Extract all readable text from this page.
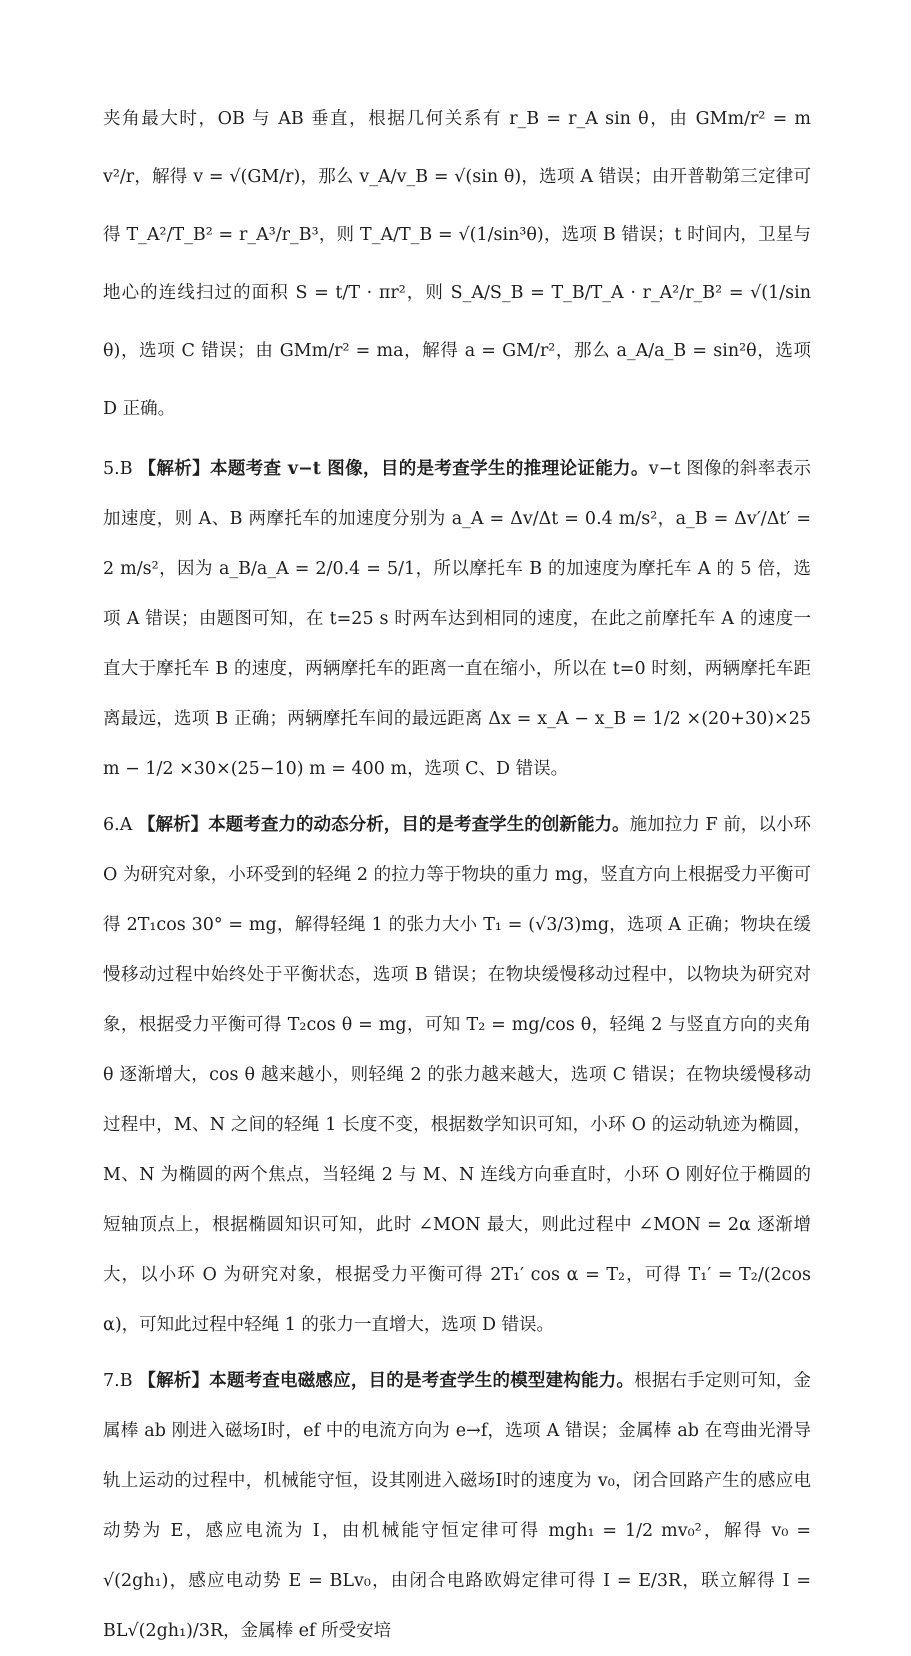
夹角最大时，OB 与 AB 垂直，根据几何关系有 r_B = r_A sin θ，由 GMm/r² = m v²/r，解得 v = √(GM/r)，那么 v_A/v_B = √(sin θ)，选项 A 错误；由开普勒第三定律可得 T_A²/T_B² = r_A³/r_B³，则 T_A/T_B = √(1/sin³θ)，选项 B 错误；t 时间内，卫星与地心的连线扫过的面积 S = t/T · πr²，则 S_A/S_B = T_B/T_A · r_A²/r_B² = √(1/sin θ)，选项 C 错误；由 GMm/r² = ma，解得 a = GM/r²，那么 a_A/a_B = sin²θ，选项 D 正确。

5.B 【解析】本题考查 v−t 图像，目的是考查学生的推理论证能力。v−t 图像的斜率表示加速度，则 A、B 两摩托车的加速度分别为 a_A = Δv/Δt = 0.4 m/s²，a_B = Δv′/Δt′ = 2 m/s²，因为 a_B/a_A = 2/0.4 = 5/1，所以摩托车 B 的加速度为摩托车 A 的 5 倍，选项 A 错误；由题图可知，在 t=25 s 时两车达到相同的速度，在此之前摩托车 A 的速度一直大于摩托车 B 的速度，两辆摩托车的距离一直在缩小，所以在 t=0 时刻，两辆摩托车距离最远，选项 B 正确；两辆摩托车间的最远距离 Δx = x_A − x_B = 1/2 ×(20+30)×25 m − 1/2 ×30×(25−10) m = 400 m，选项 C、D 错误。

6.A 【解析】本题考查力的动态分析，目的是考查学生的创新能力。施加拉力 F 前，以小环 O 为研究对象，小环受到的轻绳 2 的拉力等于物块的重力 mg，竖直方向上根据受力平衡可得 2T₁cos 30° = mg，解得轻绳 1 的张力大小 T₁ = (√3/3)mg，选项 A 正确；物块在缓慢移动过程中始终处于平衡状态，选项 B 错误；在物块缓慢移动过程中，以物块为研究对象，根据受力平衡可得 T₂cos θ = mg，可知 T₂ = mg/cos θ，轻绳 2 与竖直方向的夹角 θ 逐渐增大，cos θ 越来越小，则轻绳 2 的张力越来越大，选项 C 错误；在物块缓慢移动过程中，M、N 之间的轻绳 1 长度不变，根据数学知识可知，小环 O 的运动轨迹为椭圆，M、N 为椭圆的两个焦点，当轻绳 2 与 M、N 连线方向垂直时，小环 O 刚好位于椭圆的短轴顶点上，根据椭圆知识可知，此时 ∠MON 最大，则此过程中 ∠MON = 2α 逐渐增大，以小环 O 为研究对象，根据受力平衡可得 2T₁′ cos α = T₂，可得 T₁′ = T₂/(2cos α)，可知此过程中轻绳 1 的张力一直增大，选项 D 错误。

7.B 【解析】本题考查电磁感应，目的是考查学生的模型建构能力。根据右手定则可知，金属棒 ab 刚进入磁场Ⅰ时，ef 中的电流方向为 e→f，选项 A 错误；金属棒 ab 在弯曲光滑导轨上运动的过程中，机械能守恒，设其刚进入磁场Ⅰ时的速度为 v₀，闭合回路产生的感应电动势为 E，感应电流为 I，由机械能守恒定律可得 mgh₁ = 1/2 mv₀²，解得 v₀ = √(2gh₁)，感应电动势 E = BLv₀，由闭合电路欧姆定律可得 I = E/3R，联立解得 I = BL√(2gh₁)/3R，金属棒 ef 所受安培
